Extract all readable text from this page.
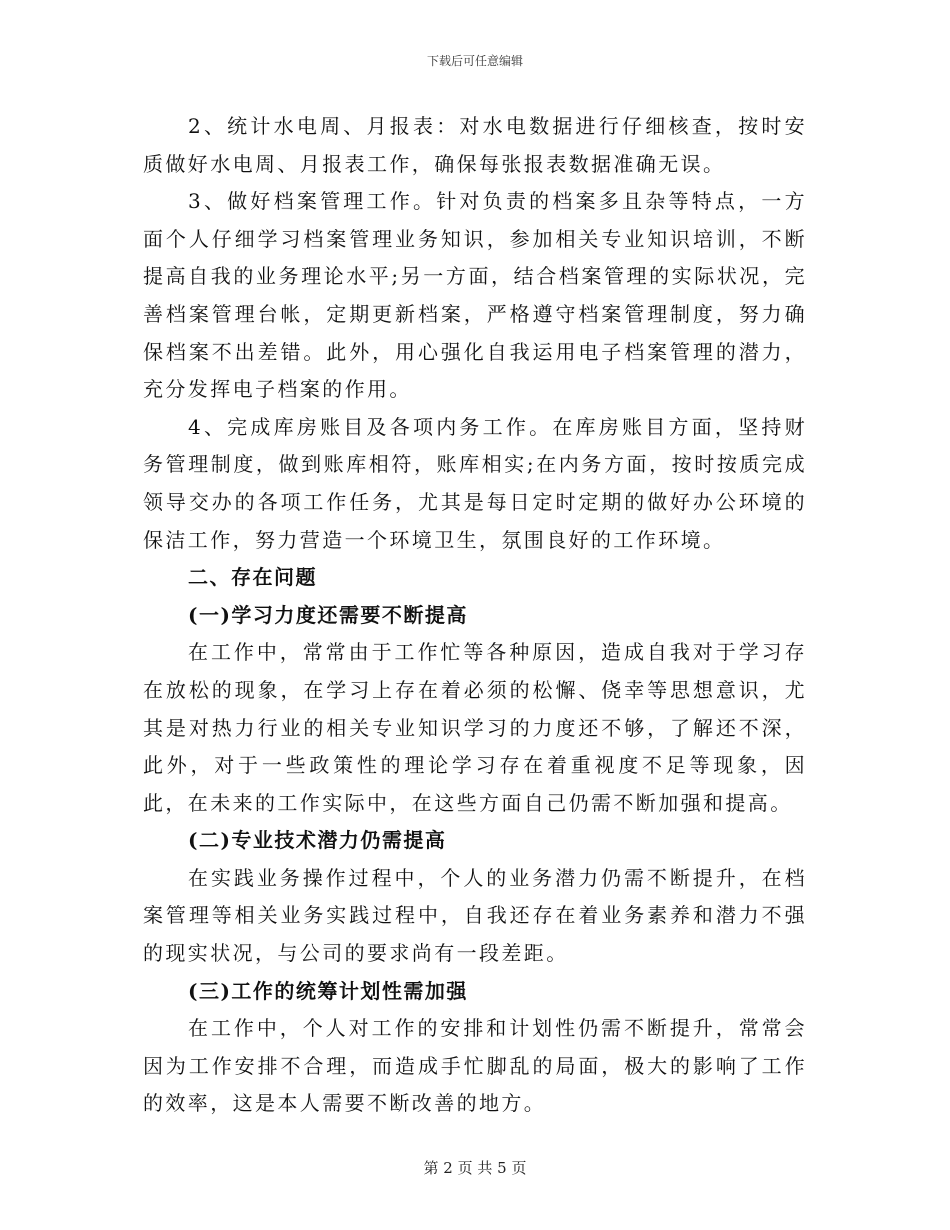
下载后可任意编辑

2、统计水电周、月报表：对水电数据进行仔细核查，按时安质做好水电周、月报表工作，确保每张报表数据准确无误。

3、做好档案管理工作。针对负责的档案多且杂等特点，一方面个人仔细学习档案管理业务知识，参加相关专业知识培训，不断提高自我的业务理论水平;另一方面，结合档案管理的实际状况，完善档案管理台帐，定期更新档案，严格遵守档案管理制度，努力确保档案不出差错。此外，用心强化自我运用电子档案管理的潜力，充分发挥电子档案的作用。

4、完成库房账目及各项内务工作。在库房账目方面，坚持财务管理制度，做到账库相符，账库相实;在内务方面，按时按质完成领导交办的各项工作任务，尤其是每日定时定期的做好办公环境的保洁工作，努力营造一个环境卫生，氛围良好的工作环境。

二、存在问题

(一)学习力度还需要不断提高

在工作中，常常由于工作忙等各种原因，造成自我对于学习存在放松的现象，在学习上存在着必须的松懈、侥幸等思想意识，尤其是对热力行业的相关专业知识学习的力度还不够，了解还不深，此外，对于一些政策性的理论学习存在着重视度不足等现象，因此，在未来的工作实际中，在这些方面自己仍需不断加强和提高。

(二)专业技术潜力仍需提高

在实践业务操作过程中，个人的业务潜力仍需不断提升，在档案管理等相关业务实践过程中，自我还存在着业务素养和潜力不强的现实状况，与公司的要求尚有一段差距。

(三)工作的统筹计划性需加强

在工作中，个人对工作的安排和计划性仍需不断提升，常常会因为工作安排不合理，而造成手忙脚乱的局面，极大的影响了工作的效率，这是本人需要不断改善的地方。

第 2 页 共 5 页
